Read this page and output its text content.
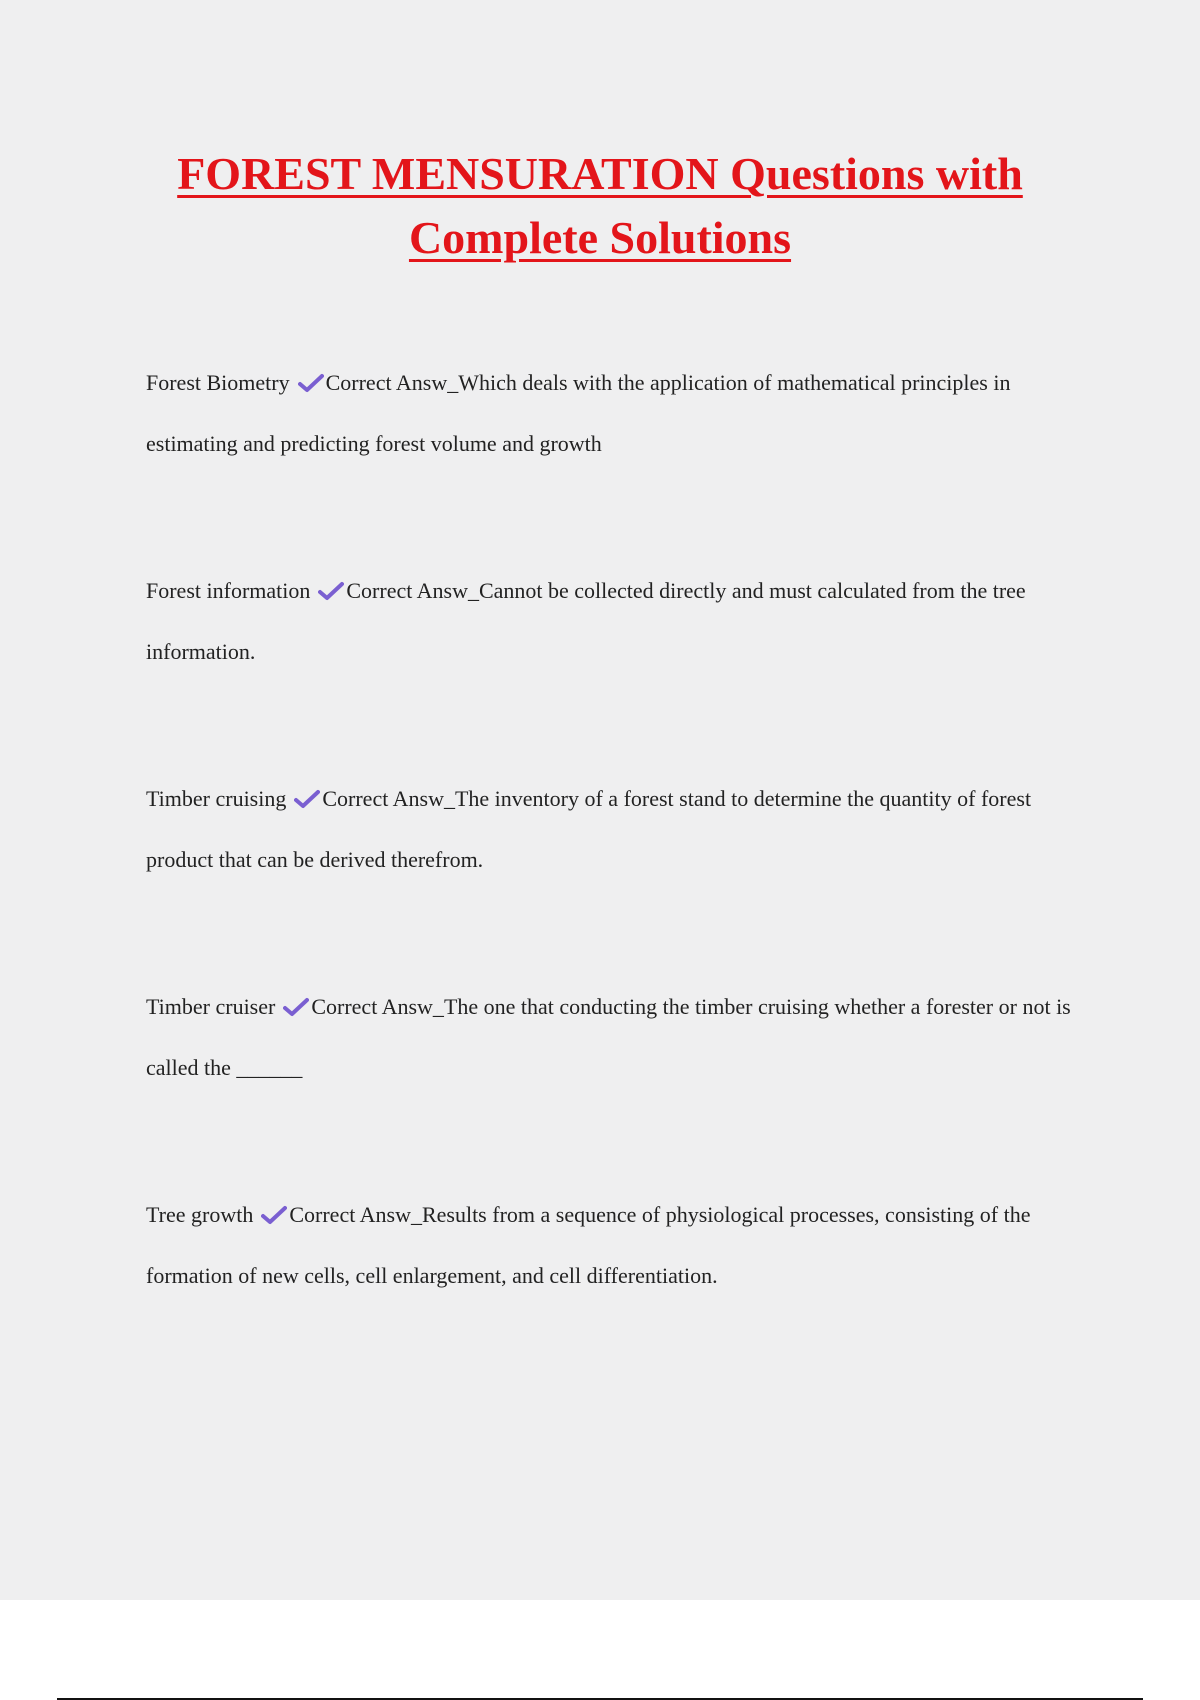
FOREST MENSURATION Questions with
Complete Solutions

Forest Biometry Correct Answ_Which deals with the application of mathematical principles in estimating and predicting forest volume and growth

Forest information Correct Answ_Cannot be collected directly and must calculated from the tree information.

Timber cruising Correct Answ_The inventory of a forest stand to determine the quantity of forest product that can be derived therefrom.

Timber cruiser Correct Answ_The one that conducting the timber cruising whether a forester or not is called the ______

Tree growth Correct Answ_Results from a sequence of physiological processes, consisting of the formation of new cells, cell enlargement, and cell differentiation.
